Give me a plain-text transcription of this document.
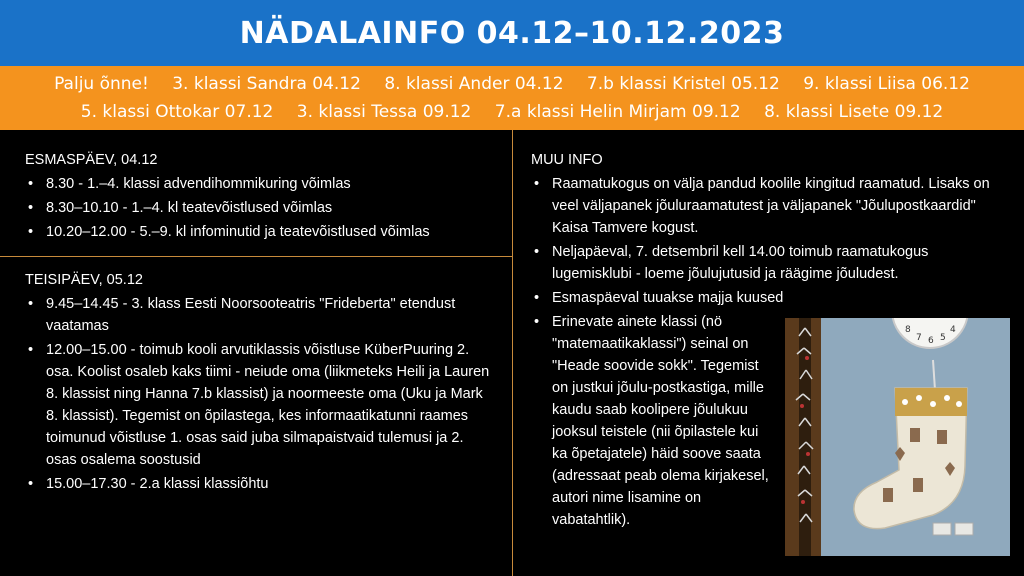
NÄDALAINFO 04.12–10.12.2023
Palju õnne! 3. klassi Sandra 04.12 8. klassi Ander 04.12 7.b klassi Kristel 05.12 9. klassi Liisa 06.12
5. klassi Ottokar 07.12 3. klassi Tessa 09.12 7.a klassi Helin Mirjam 09.12 8. klassi Lisete 09.12
ESMASPÄEV, 04.12
• 8.30 - 1.–4. klassi advendihommikuring võimlas
• 8.30–10.10 - 1.–4. kl teatevõistlused võimlas
• 10.20–12.00 - 5.–9. kl infominutid ja teatevõistlused võimlas
TEISIPÄEV, 05.12
• 9.45–14.45 - 3. klass Eesti Noorsooteatris "Frideberta" etendust vaatamas
• 12.00–15.00 - toimub kooli arvutiklassis võistluse KüberPuuring 2. osa. Koolist osaleb kaks tiimi - neiude oma (liikmeteks Heili ja Lauren 8. klassist ning Hanna 7.b klassist) ja noormeeste oma (Uku ja Mark 8. klassist). Tegemist on õpilastega, kes informaatikatunni raames toimunud võistluse 1. osas said juba silmapaistvaid tulemusi ja 2. osas osalema soostusid
• 15.00–17.30 - 2.a klassi klassiõhtu
MUU INFO
• Raamatukogus on välja pandud koolile kingitud raamatud. Lisaks on veel väljapanek jõuluraamatutest ja väljapanek "Jõulupostkaardid" Kaisa Tamvere kogust.
• Neljapäeval, 7. detsembril kell 14.00 toimub raamatukogus lugemisklubi - loeme jõulujutusid ja räägime jõuludest.
• Esmaspäeval tuuakse majja kuused
• Erinevate ainete klassi (nö "matemaatikaklassi") seinal on "Heade soovide sokk". Tegemist on justkui jõulu-postkastiga, mille kaudu saab koolipere jõulukuu jooksul teistele (nii õpilastele kui ka õpetajatele) häid soove saata (adressaat peab olema kirjakesel, autori nime lisamine on vabatahtlik).
8
7 6 5
4
